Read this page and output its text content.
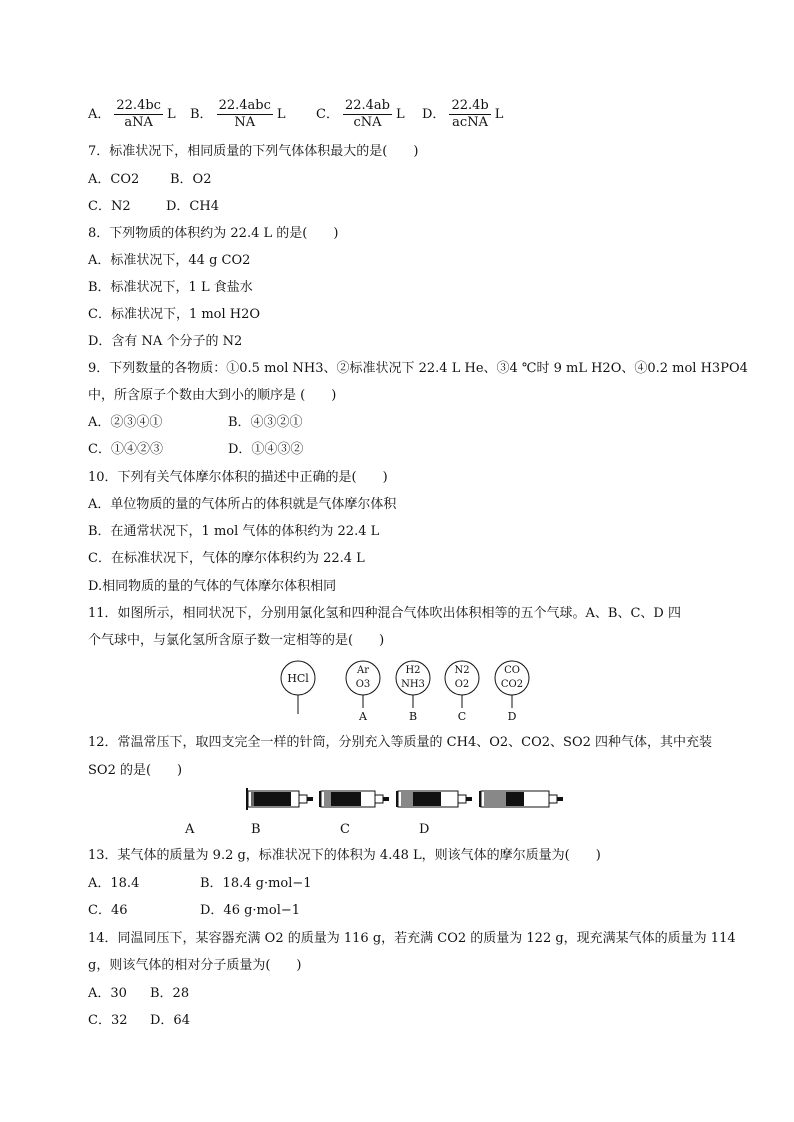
A． $\frac{22.4bc}{\text{aNA}}$ L B． $\frac{\text{22.4abc}}{NA}$ L C． $\frac{22.4ab}{\text{cNA}}$ L D． $\frac{22.4b}{\text{acNA}}$ L
7．标准状况下，相同质量的下列气体体积最大的是(　　)
A．CO2 B．O2
C．N2	D．CH4
8．下列物质的体积约为 22.4 L 的是(　　)
A．标准状况下，44 g CO2
B．标准状况下，1 L 食盐水
C．标准状况下，1 mol H2O
D．含有 NA 个分子的 N2
9．下列数量的各物质：①0.5 mol NH3、②标准状况下 22.4 L He、③4 ℃时 9 mL H2O、④0.2 mol H3PO4
中，所含原子个数由大到小的顺序是 (　　)
A．②③④①	B．④③②①
C．①④②③	D．①④③②
10．下列有关气体摩尔体积的描述中正确的是(　　)
A．单位物质的量的气体所占的体积就是气体摩尔体积
B．在通常状况下，1 mol 气体的体积约为 22.4 L
C．在标准状况下，气体的摩尔体积约为 22.4 L
D.相同物质的量的气体的气体摩尔体积相同
11．如图所示，相同状况下，分别用氯化氢和四种混合气体吹出体积相等的五个气球。A、B、C、D 四
个气球中，与氯化氢所含原子数一定相等的是(　　)
HCl
Ar
O3
H2
NH3
N2
O2
CO
CO2
A	B	C	D
12．常温常压下，取四支完全一样的针筒，分别充入等质量的 CH4、O2、CO2、SO2 四种气体，其中充装
SO2 的是(　　)
A	B	C	D
13．某气体的质量为 9.2 g，标准状况下的体积为 4.48 L，则该气体的摩尔质量为(　　)
A．18.4	B．18.4 g·mol−1
C．46	D．46 g·mol−1
14．同温同压下，某容器充满 O2 的质量为 116 g，若充满 CO2 的质量为 122 g，现充满某气体的质量为 114
g，则该气体的相对分子质量为(　　)
A．30 B．28
C．32 D．64
